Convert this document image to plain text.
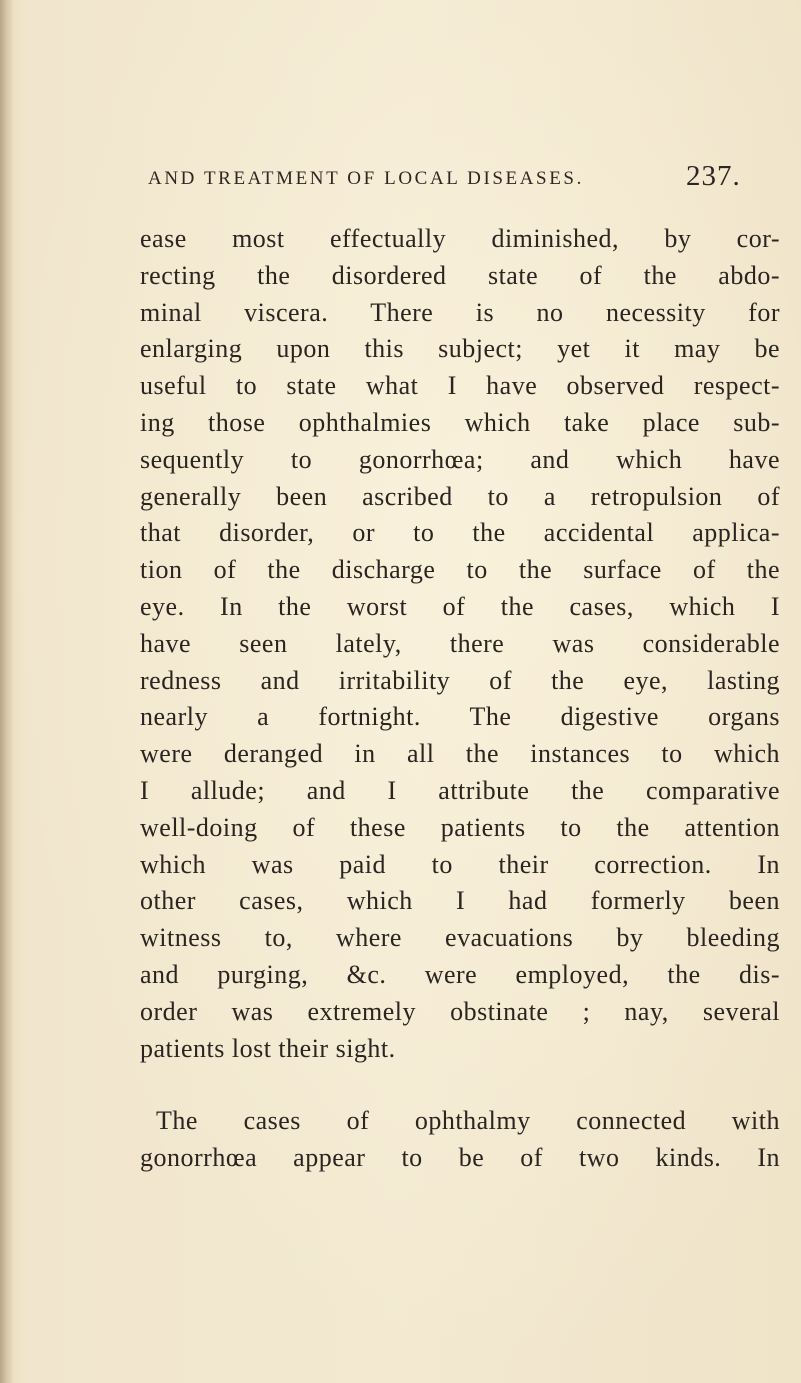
AND TREATMENT OF LOCAL DISEASES.	237.
ease most effectually diminished, by cor-
recting the disordered state of the abdo-
minal viscera. There is no necessity for
enlarging upon this subject; yet it may be
useful to state what I have observed respect-
ing those ophthalmies which take place sub-
sequently to gonorrhœa; and which have
generally been ascribed to a retropulsion of
that disorder, or to the accidental applica-
tion of the discharge to the surface of the
eye. In the worst of the cases, which I
have seen lately, there was considerable
redness and irritability of the eye, lasting
nearly a fortnight. The digestive organs
were deranged in all the instances to which
I allude; and I attribute the comparative
well-doing of these patients to the attention
which was paid to their correction. In
other cases, which I had formerly been
witness to, where evacuations by bleeding
and purging, &c. were employed, the dis-
order was extremely obstinate ; nay, several
patients lost their sight.
The cases of ophthalmy connected with
gonorrhœa appear to be of two kinds. In
